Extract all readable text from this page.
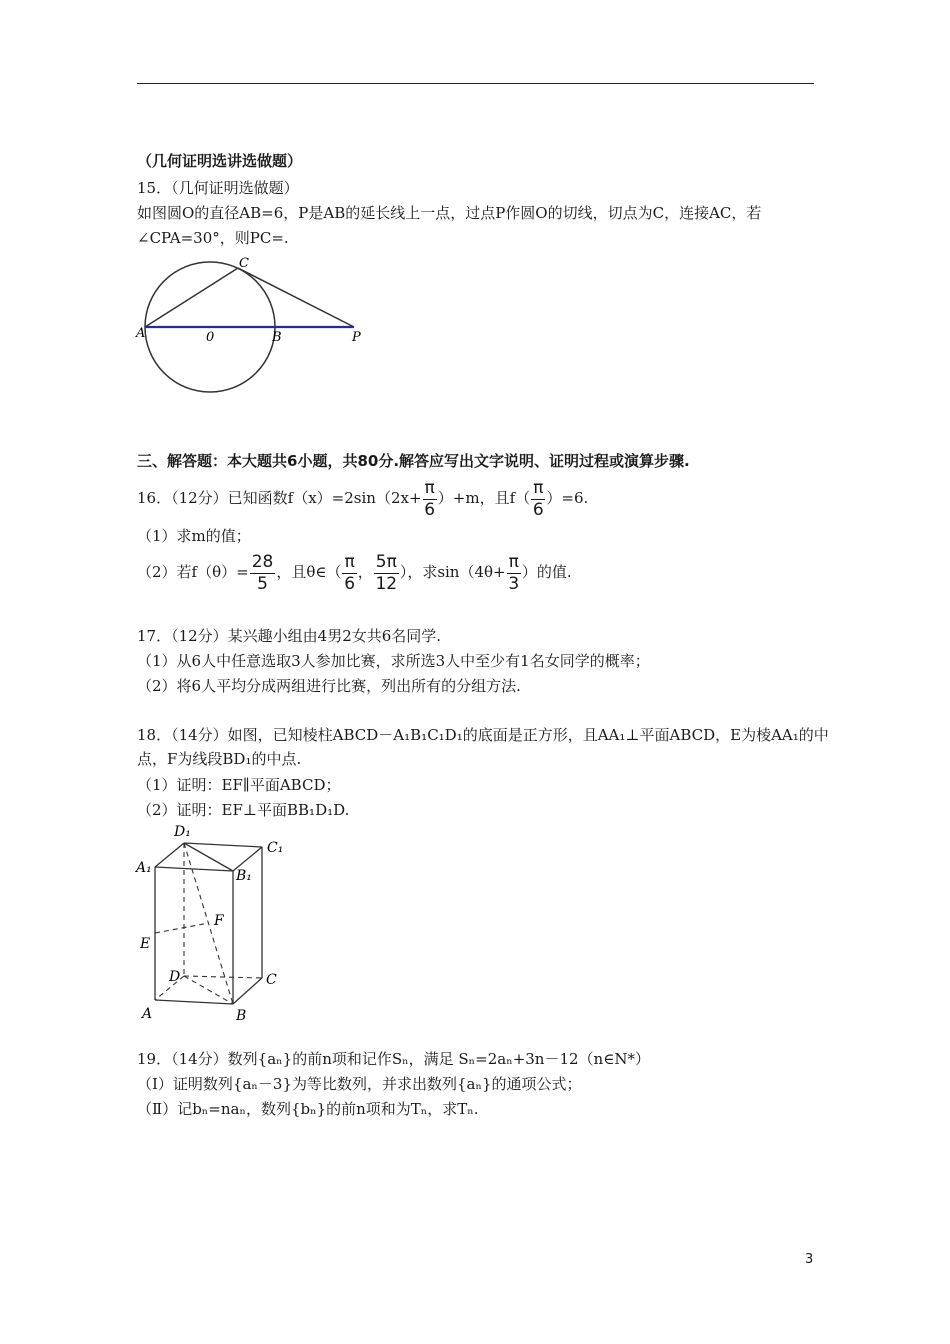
（几何证明选讲选做题）
15．（几何证明选做题）
如图圆O的直径AB=6，P是AB的延长线上一点，过点P作圆O的切线，切点为C，连接AC，若
∠CPA=30°，则PC=.
C
A	0	B	P
三、解答题：本大题共6小题，共80分.解答应写出文字说明、证明过程或演算步骤.
16．（12分）已知函数$f(x)=2\sin(2x+ \frac{\pi}{6} )+m$，且$f( \frac{\pi}{6} )=6$.
（1）求m的值；
（2）若$f(\theta)= \frac{28}{5}$ ，且θ∈（ $\frac{\pi}{6}$ ， $\frac{5\pi}{12}$ ），求$\sin(4\theta+ \frac{\pi}{3}$ ）的值.
17．（12分）某兴趣小组由4男2女共6名同学.
（1）从6人中任意选取3人参加比赛，求所选3人中至少有1名女同学的概率；
（2）将6人平均分成两组进行比赛，列出所有的分组方法.
18．（14分）如图，已知棱柱ABCD－A₁B₁C₁D₁的底面是正方形，且AA₁⊥平面ABCD，E为棱AA₁的中
点，F为线段BD₁的中点.
（1）证明：EF∥平面ABCD；
（2）证明：EF⊥平面BB₁D₁D.
D₁
C₁
A₁	B₁
F
E
D	C
A	B
19．（14分）数列{aₙ}的前n项和记作Sₙ，满足 Sₙ=2aₙ+3n－12（n∈N*）
（Ⅰ）证明数列{aₙ－3}为等比数列，并求出数列{aₙ}的通项公式；
（Ⅱ）记bₙ=naₙ，数列{bₙ}的前n项和为Tₙ，求Tₙ.
3
